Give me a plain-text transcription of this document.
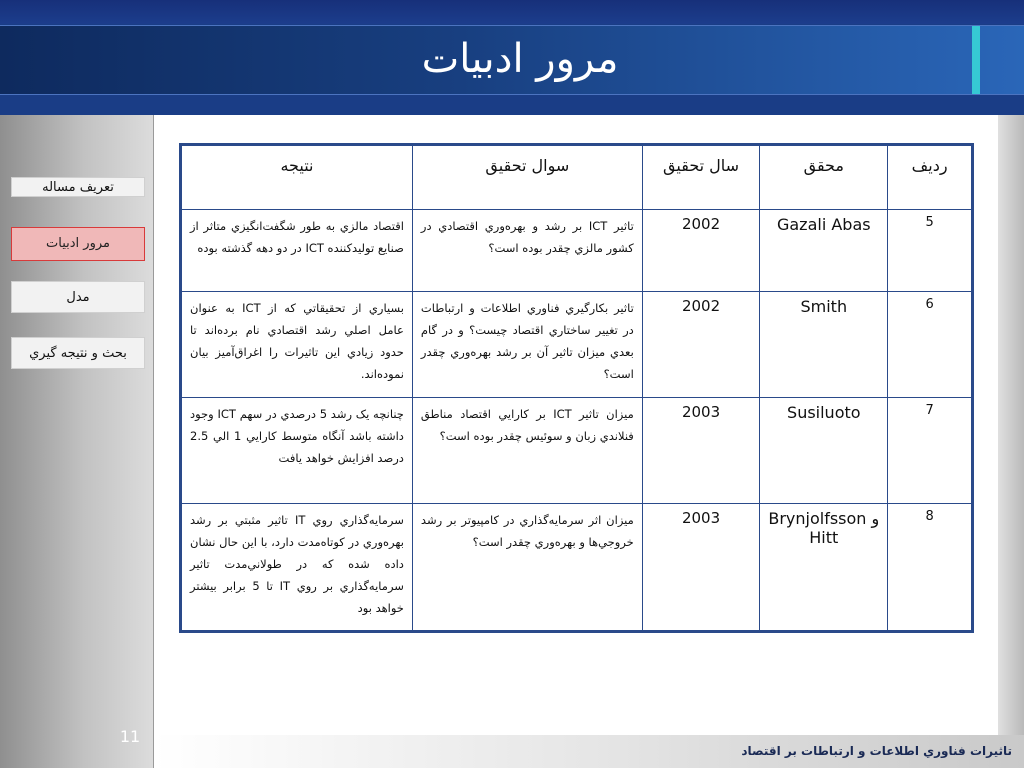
مرور ادبيات
تعريف مساله
مرور ادبيات
مدل
بحث و نتيجه گيري
رديف	محقق	سال تحقيق	سوال تحقيق	نتيجه
5	Gazali Abas	2002	تاثير ICT بر رشد و بهره‌وري اقتصادي در کشور مالزي چقدر بوده است؟	اقتصاد مالزي به طور شگفت‌انگيزي متاثر از صنايع توليدکننده ICT در دو دهه گذشته بوده
6	Smith	2002	تاثير بکارگيري فناوري اطلاعات و ارتباطات در تغيير ساختاري اقتصاد چيست؟ و در گام بعدي ميزان تاثير آن بر رشد بهره‌وري چقدر است؟	بسياري از تحقيقاتي که از ICT به عنوان عامل اصلي رشد اقتصادي نام برده‌اند تا حدود زيادي اين تاثيرات را اغراق‌آميز بيان نموده‌اند.
7	Susiluoto	2003	ميزان تاثير ICT بر کارايي اقتصاد مناطق فنلاندي زبان و سوئيس چقدر بوده است؟	چنانچه يک رشد 5 درصدي در سهم ICT وجود داشته باشد آنگاه متوسط کارايي 1 الي 2.5 درصد افزايش خواهد يافت
8	Brynjolfsson و Hitt	2003	ميزان اثر سرمايه‌گذاري در کامپيوتر بر رشد خروجي‌ها و بهره‌وري چقدر است؟	سرمايه‌گذاري روي IT تاثير مثبتي بر رشد بهره‌وري در کوتاه‌مدت دارد، با اين حال نشان داده شده که در طولاني‌مدت تاثير سرمايه‌گذاري بر روي IT تا 5 برابر بيشتر خواهد بود
تاثيرات فناوري اطلاعات و ارتباطات بر اقتصاد
11
